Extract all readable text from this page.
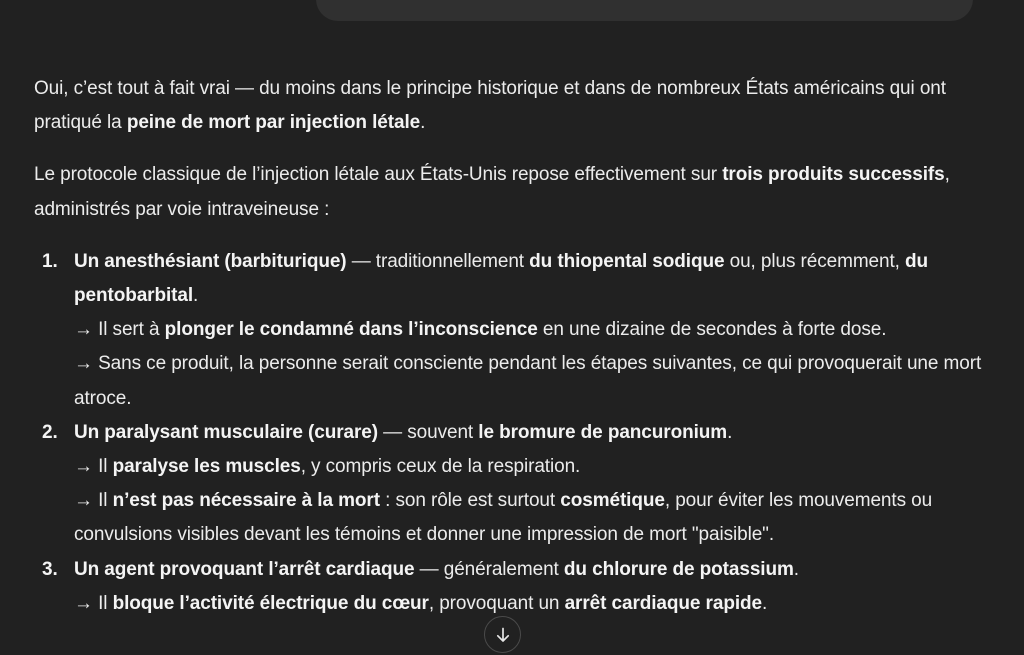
Oui, c’est tout à fait vrai — du moins dans le principe historique et dans de nombreux États américains qui ont pratiqué la peine de mort par injection létale.

Le protocole classique de l’injection létale aux États-Unis repose effectivement sur trois produits successifs, administrés par voie intraveineuse :

1. Un anesthésiant (barbiturique) — traditionnellement du thiopental sodique ou, plus récemment, du pentobarbital.
→ Il sert à plonger le condamné dans l’inconscience en une dizaine de secondes à forte dose.
→ Sans ce produit, la personne serait consciente pendant les étapes suivantes, ce qui provoquerait une mort atroce.
2. Un paralysant musculaire (curare) — souvent le bromure de pancuronium.
→ Il paralyse les muscles, y compris ceux de la respiration.
→ Il n’est pas nécessaire à la mort : son rôle est surtout cosmétique, pour éviter les mouvements ou convulsions visibles devant les témoins et donner une impression de mort "paisible".
3. Un agent provoquant l’arrêt cardiaque — généralement du chlorure de potassium.
→ Il bloque l’activité électrique du cœur, provoquant un arrêt cardiaque rapide.
